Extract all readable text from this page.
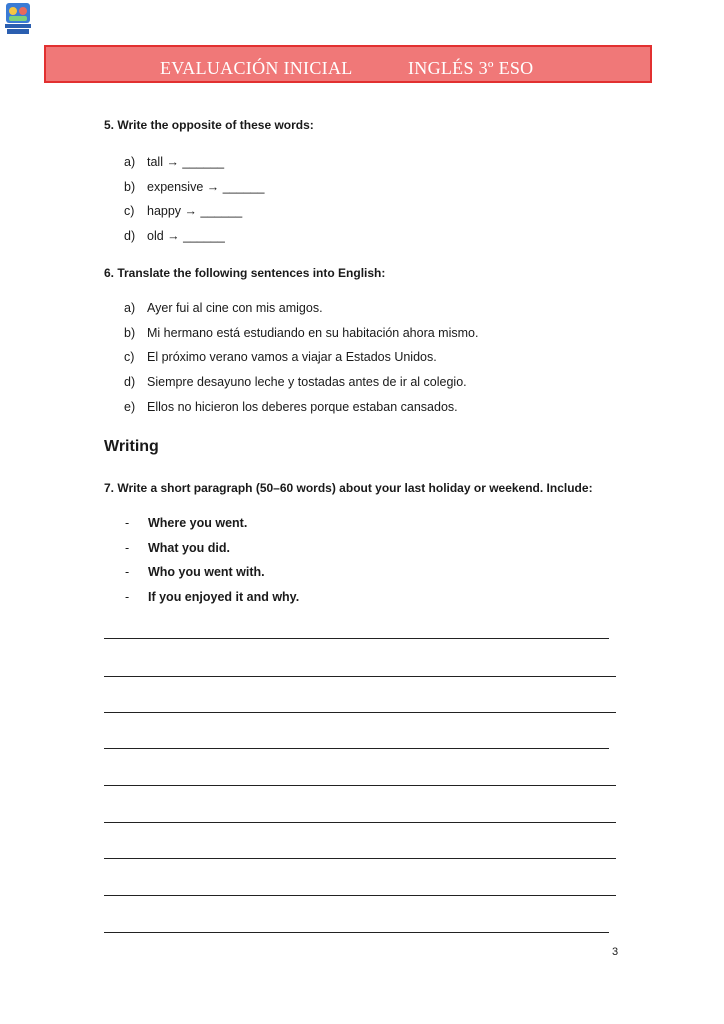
EVALUACIÓN INICIAL	INGLÉS 3º ESO
5. Write the opposite of these words:
a) tall → ______
b) expensive → ______
c)	happy → ______
d) old → ______
6. Translate the following sentences into English:
a) Ayer fui al cine con mis amigos.
b) Mi hermano está estudiando en su habitación ahora mismo.
c)	El próximo verano vamos a viajar a Estados Unidos.
d) Siempre desayuno leche y tostadas antes de ir al colegio.
e) Ellos no hicieron los deberes porque estaban cansados.
Writing
7. Write a short paragraph (50–60 words) about your last holiday or weekend. Include:
-	Where you went.
-	What you did.
-	Who you went with.
-	If you enjoyed it and why.
3
